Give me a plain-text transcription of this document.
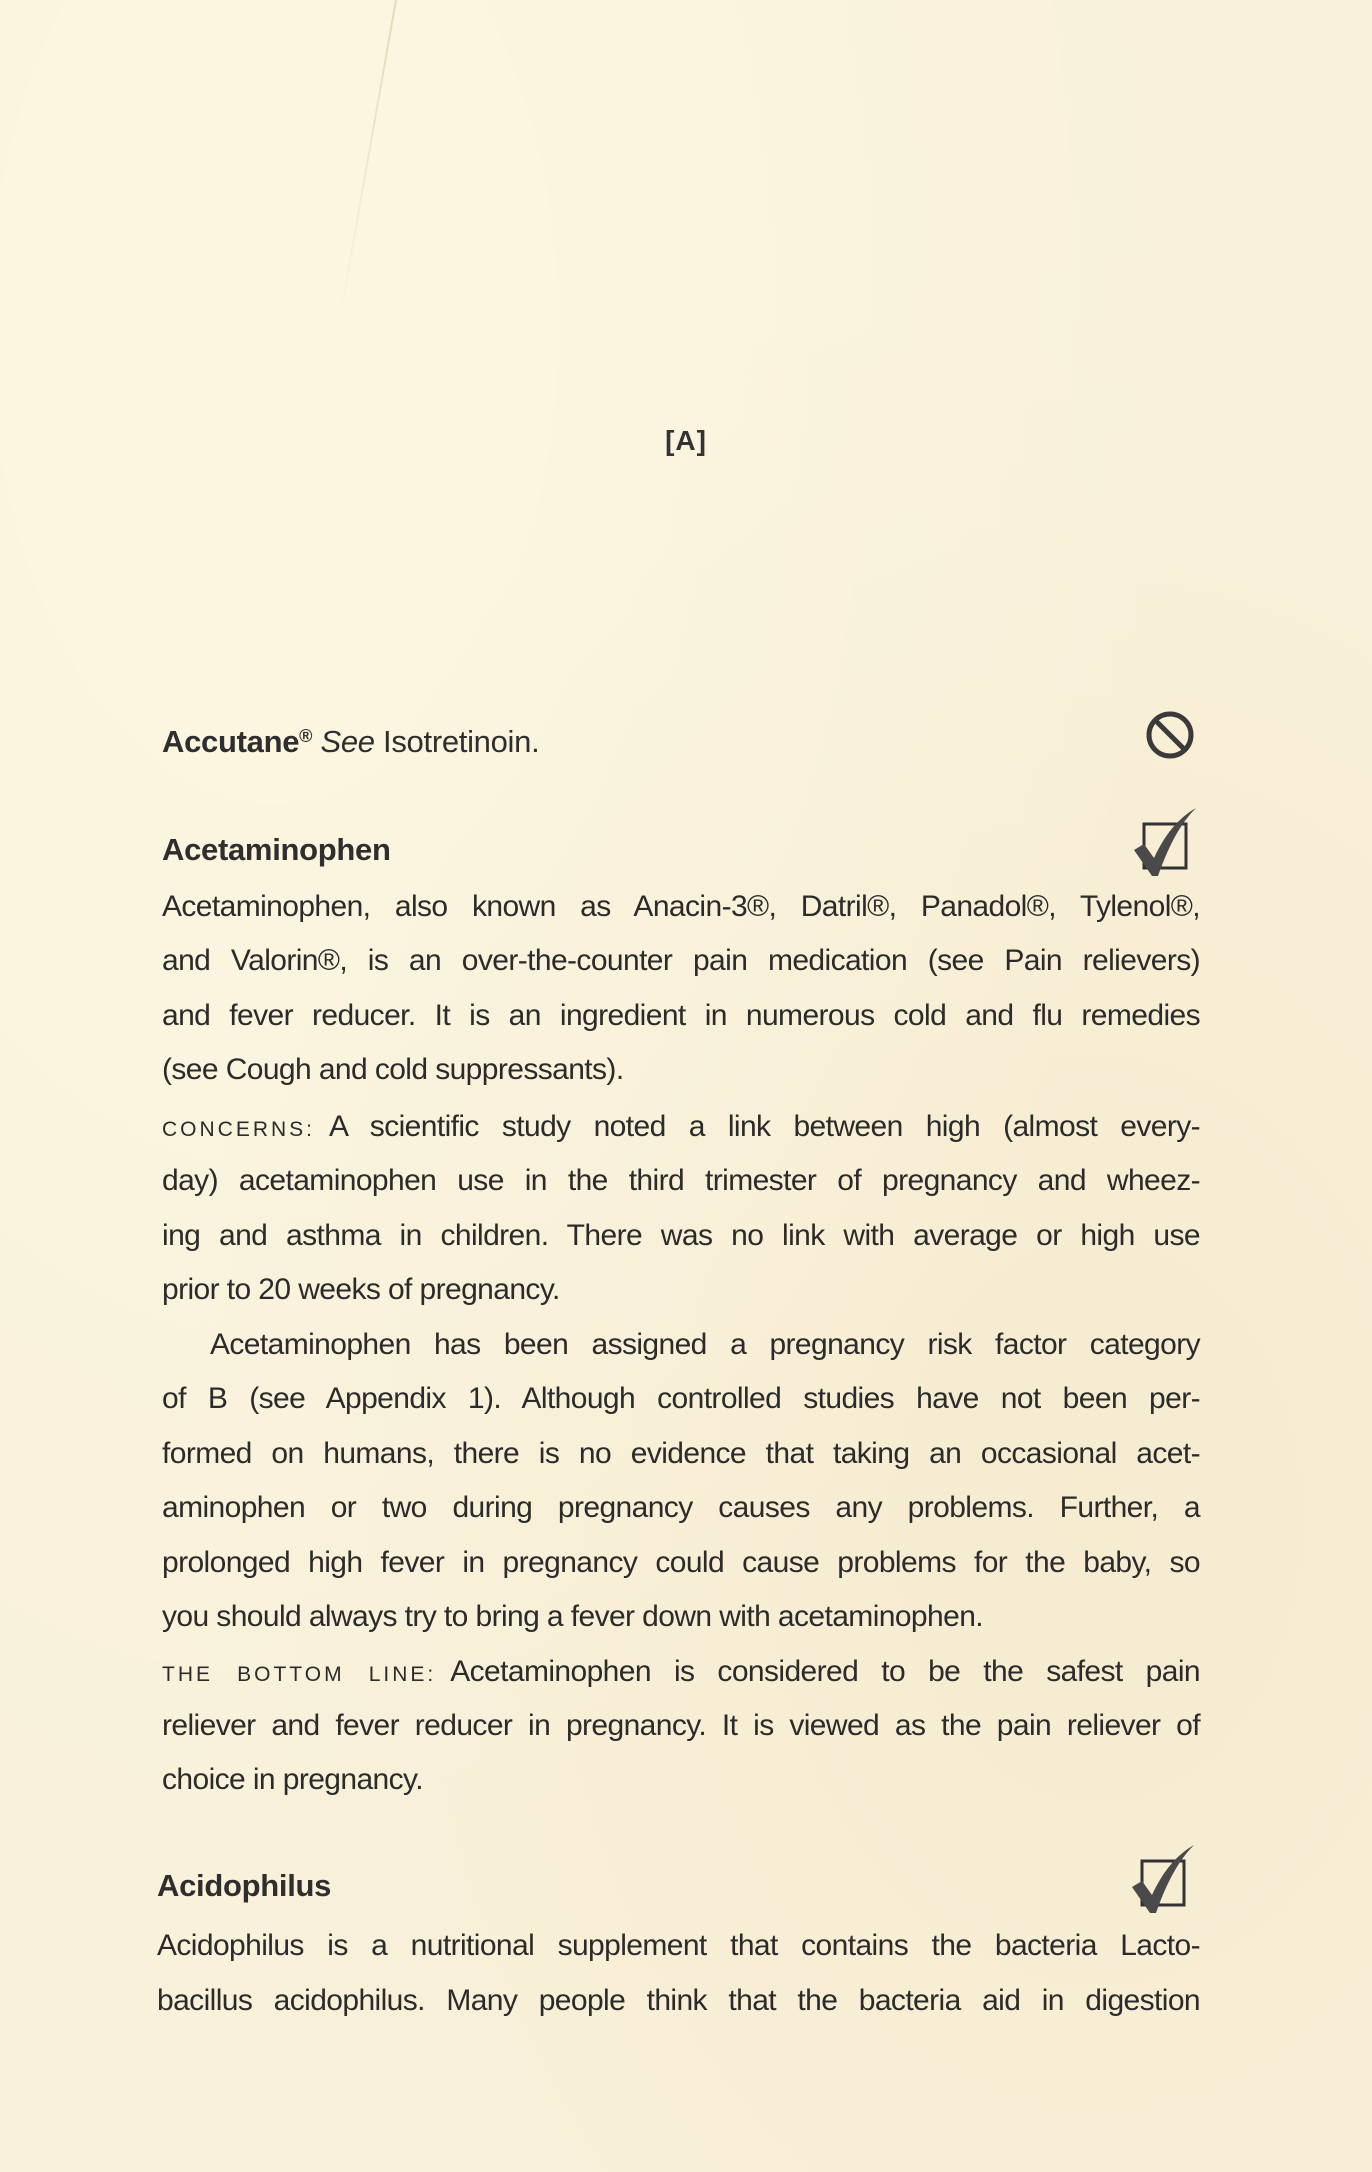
[A]
Accutane® See Isotretinoin.
Acetaminophen
Acetaminophen, also known as Anacin-3®, Datril®, Panadol®, Tylenol®,
and Valorin®, is an over-the-counter pain medication (see Pain relievers)
and fever reducer. It is an ingredient in numerous cold and flu remedies
(see Cough and cold suppressants).
CONCERNS: A scientific study noted a link between high (almost every-
day) acetaminophen use in the third trimester of pregnancy and wheez-
ing and asthma in children. There was no link with average or high use
prior to 20 weeks of pregnancy.
Acetaminophen has been assigned a pregnancy risk factor category
of B (see Appendix 1). Although controlled studies have not been per-
formed on humans, there is no evidence that taking an occasional acet-
aminophen or two during pregnancy causes any problems. Further, a
prolonged high fever in pregnancy could cause problems for the baby, so
you should always try to bring a fever down with acetaminophen.
THE BOTTOM LINE: Acetaminophen is considered to be the safest pain
reliever and fever reducer in pregnancy. It is viewed as the pain reliever of
choice in pregnancy.
Acidophilus
Acidophilus is a nutritional supplement that contains the bacteria Lacto-
bacillus acidophilus. Many people think that the bacteria aid in digestion
